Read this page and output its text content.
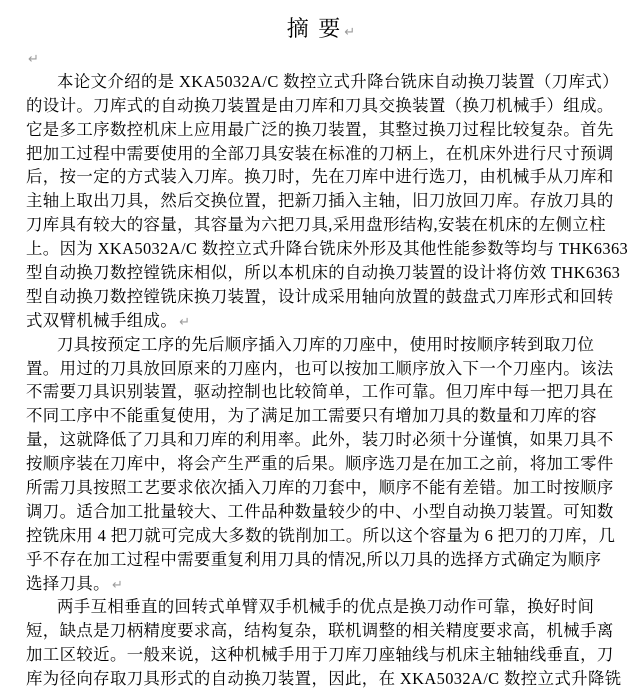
摘 要 ↵
↵
本论文介绍的是 XKA5032A/C 数控立式升降台铣床自动换刀装置（刀库式）
的设计。刀库式的自动换刀装置是由刀库和刀具交换装置（换刀机械手）组成。
它是多工序数控机床上应用最广泛的换刀装置，其整过换刀过程比较复杂。首先
把加工过程中需要使用的全部刀具安装在标准的刀柄上，在机床外进行尺寸预调
后，按一定的方式装入刀库。换刀时，先在刀库中进行选刀，由机械手从刀库和
主轴上取出刀具，然后交换位置，把新刀插入主轴，旧刀放回刀库。存放刀具的
刀库具有较大的容量，其容量为六把刀具,采用盘形结构,安装在机床的左侧立柱
上。因为 XKA5032A/C 数控立式升降台铣床外形及其他性能参数等均与 THK6363
型自动换刀数控镗铣床相似，所以本机床的自动换刀装置的设计将仿效 THK6363
型自动换刀数控镗铣床换刀装置，设计成采用轴向放置的鼓盘式刀库形式和回转
式双臂机械手组成。 ↵
刀具按预定工序的先后顺序插入刀库的刀座中，使用时按顺序转到取刀位
置。用过的刀具放回原来的刀座内，也可以按加工顺序放入下一个刀座内。该法
不需要刀具识别装置，驱动控制也比较简单，工作可靠。但刀库中每一把刀具在
不同工序中不能重复使用，为了满足加工需要只有增加刀具的数量和刀库的容
量，这就降低了刀具和刀库的利用率。此外，装刀时必须十分谨慎，如果刀具不
按顺序装在刀库中，将会产生严重的后果。顺序选刀是在加工之前，将加工零件
所需刀具按照工艺要求依次插入刀库的刀套中，顺序不能有差错。加工时按顺序
调刀。适合加工批量较大、工件品种数量较少的中、小型自动换刀装置。可知数
控铣床用 4 把刀就可完成大多数的铣削加工。所以这个容量为 6 把刀的刀库，几
乎不存在加工过程中需要重复利用刀具的情况,所以刀具的选择方式确定为顺序
选择刀具。 ↵
两手互相垂直的回转式单臂双手机械手的优点是换刀动作可靠，换好时间
短，缺点是刀柄精度要求高，结构复杂，联机调整的相关精度要求高，机械手离
加工区较近。一般来说，这种机械手用于刀库刀座轴线与机床主轴轴线垂直，刀
库为径向存取刀具形式的自动换刀装置，因此，在 XKA5032A/C 数控立式升降铣
